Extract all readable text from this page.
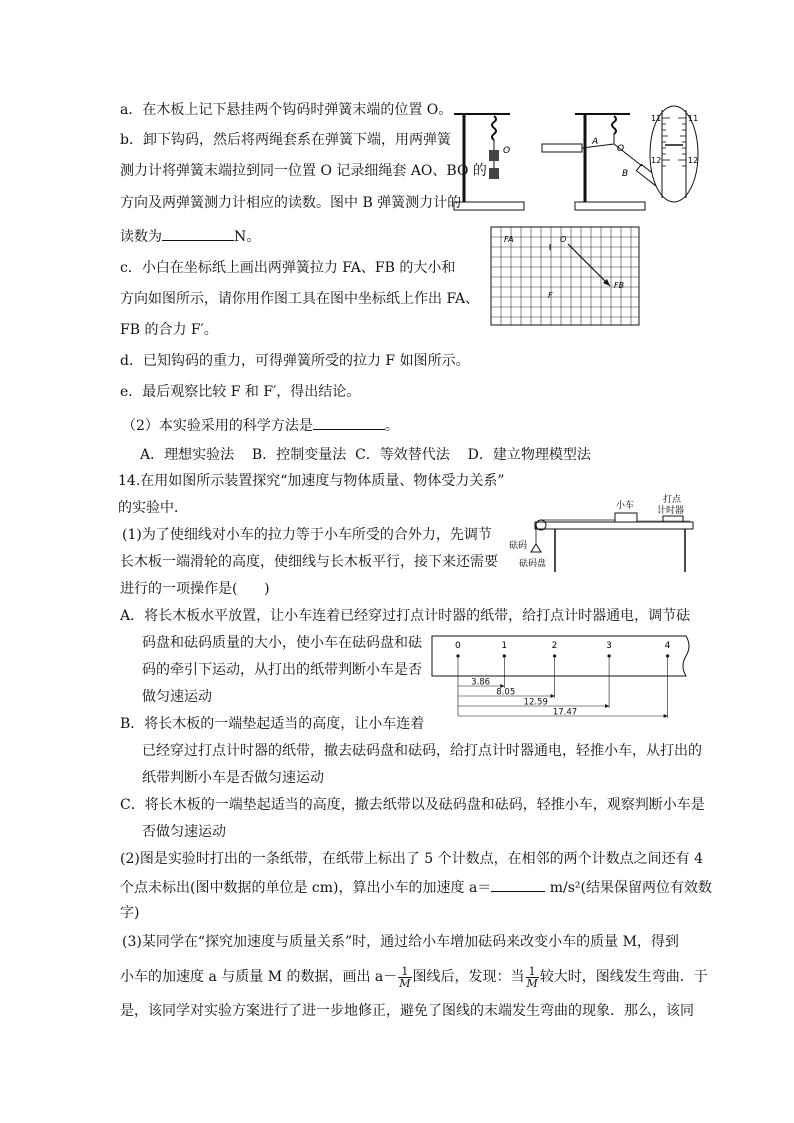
a．在木板上记下悬挂两个钩码时弹簧末端的位置 O。
b．卸下钩码，然后将两绳套系在弹簧下端，用两弹簧
测力计将弹簧末端拉到同一位置 O 记录细绳套 AO、BO 的
方向及两弹簧测力计相应的读数。图中 B 弹簧测力计的
读数为	N。
c．小白在坐标纸上画出两弹簧拉力 FA、FB 的大小和
方向如图所示，请你用作图工具在图中坐标纸上作出 FA、
FB 的合力 F′。
d．已知钩码的重力，可得弹簧所受的拉力 F 如图所示。
e．最后观察比较 F 和 F′，得出结论。
（2）本实验采用的科学方法是	。
A．理想实验法    B．控制变量法  C．等效替代法    D．建立物理模型法
O
A
O
B
11	11
12	12
FA	O
F
FB
14.在用如图所示装置探究“加速度与物体质量、物体受力关系”
的实验中．
(1)为了使细线对小车的拉力等于小车所受的合外力，先调节
长木板一端滑轮的高度，使细线与长木板平行，接下来还需要
进行的一项操作是(      )
A．将长木板水平放置，让小车连着已经穿过打点计时器的纸带，给打点计时器通电，调节砝
码盘和砝码质量的大小，使小车在砝码盘和砝
码的牵引下运动，从打出的纸带判断小车是否
做匀速运动
B．将长木板的一端垫起适当的高度，让小车连着
已经穿过打点计时器的纸带，撤去砝码盘和砝码，给打点计时器通电，轻推小车，从打出的
纸带判断小车是否做匀速运动
C．将长木板的一端垫起适当的高度，撤去纸带以及砝码盘和砝码，轻推小车，观察判断小车是
否做匀速运动
(2)图是实验时打出的一条纸带，在纸带上标出了 5 个计数点，在相邻的两个计数点之间还有 4
个点未标出(图中数据的单位是 cm)，算出小车的加速度 a＝	m/s²(结果保留两位有效数
字)
(3)某同学在“探究加速度与质量关系”时，通过给小车增加砝码来改变小车的质量 M，得到
小车的加速度 a 与质量 M 的数据，画出 $a- \frac{1}{M}$ 图线后，发现：当 $\frac{1}{M}$ 较大时，图线发生弯曲．于
是，该同学对实验方案进行了进一步地修正，避免了图线的末端发生弯曲的现象．那么，该同
小车
打点
计时器
砝码
砝码盘
0	1	2	3	4
3.86
8.05
12.59
17.47
